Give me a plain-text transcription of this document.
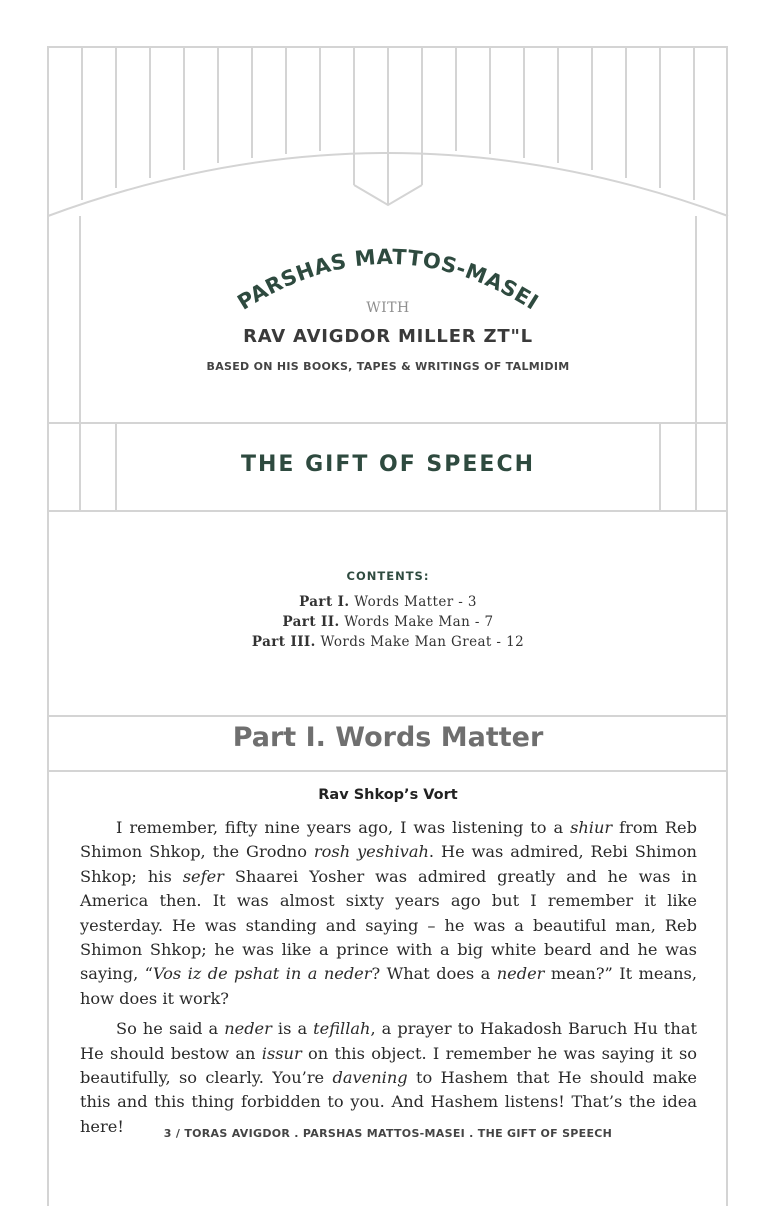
PARSHAS MATTOS-MASEI
WITH
RAV AVIGDOR MILLER ZT"L
BASED ON HIS BOOKS, TAPES & WRITINGS OF TALMIDIM
THE GIFT OF SPEECH
CONTENTS:
Part I. Words Matter - 3
Part II. Words Make Man - 7
Part III. Words Make Man Great - 12
Part I. Words Matter
Rav Shkop’s Vort

I remember, fifty nine years ago, I was listening to a shiur from Reb Shimon Shkop, the Grodno rosh yeshivah. He was admired, Rebi Shimon Shkop; his sefer Shaarei Yosher was admired greatly and he was in America then. It was almost sixty years ago but I remember it like yesterday. He was standing and saying – he was a beautiful man, Reb Shimon Shkop; he was like a prince with a big white beard and he was saying, “Vos iz de pshat in a neder? What does a neder mean?” It means, how does it work?

So he said a neder is a tefillah, a prayer to Hakadosh Baruch Hu that He should bestow an issur on this object. I remember he was saying it so beautifully, so clearly. You’re davening to Hashem that He should make this and this thing forbidden to you. And Hashem listens! That’s the idea here!	3 / TORAS AVIGDOR . PARSHAS MATTOS-MASEI . THE GIFT OF SPEECH
